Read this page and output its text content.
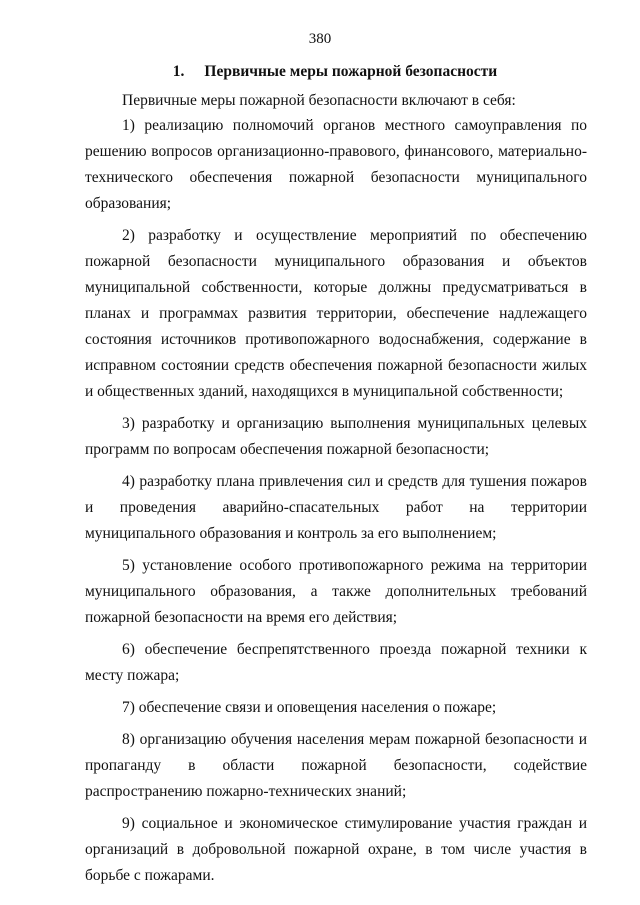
380
1. Первичные меры пожарной безопасности
Первичные меры пожарной безопасности включают в себя:

1) реализацию полномочий органов местного самоуправления по решению вопросов организационно-правового, финансового, материально-технического обеспечения пожарной безопасности муниципального образования;

2) разработку и осуществление мероприятий по обеспечению пожарной безопасности муниципального образования и объектов муниципальной собственности, которые должны предусматриваться в планах и программах развития территории, обеспечение надлежащего состояния источников противопожарного водоснабжения, содержание в исправном состоянии средств обеспечения пожарной безопасности жилых и общественных зданий, находящихся в муниципальной собственности;

3) разработку и организацию выполнения муниципальных целевых программ по вопросам обеспечения пожарной безопасности;

4) разработку плана привлечения сил и средств для тушения пожаров и проведения аварийно-спасательных работ на территории муниципального образования и контроль за его выполнением;

5) установление особого противопожарного режима на территории муниципального образования, а также дополнительных требований пожарной безопасности на время его действия;

6) обеспечение беспрепятственного проезда пожарной техники к месту пожара;

7) обеспечение связи и оповещения населения о пожаре;

8) организацию обучения населения мерам пожарной безопасности и пропаганду в области пожарной безопасности, содействие распространению пожарно-технических знаний;

9) социальное и экономическое стимулирование участия граждан и организаций в добровольной пожарной охране, в том числе участия в борьбе с пожарами.
